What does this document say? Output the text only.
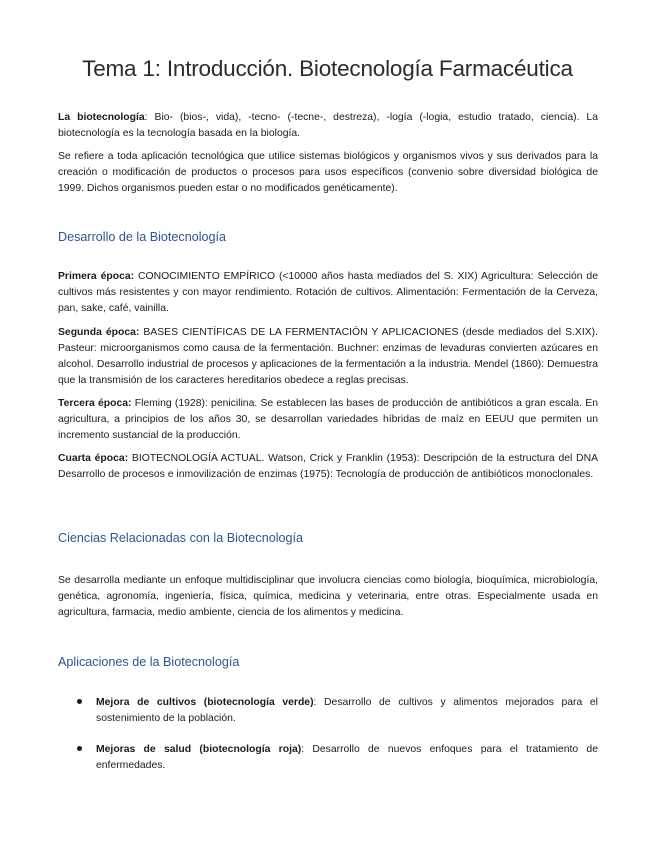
Tema 1: Introducción. Biotecnología Farmacéutica

La biotecnología: Bio- (bios-, vida), -tecno- (-tecne-, destreza), -logía (-logia, estudio tratado, ciencia). La biotecnología es la tecnología basada en la biología.

Se refiere a toda aplicación tecnológica que utilice sistemas biológicos y organismos vivos y sus derivados para la creación o modificación de productos o procesos para usos específicos (convenio sobre diversidad biológica de 1999. Dichos organismos pueden estar o no modificados genéticamente).

Desarrollo de la Biotecnología

Primera época: CONOCIMIENTO EMPÍRICO (<10000 años hasta mediados del S. XIX) Agricultura: Selección de cultivos más resistentes y con mayor rendimiento. Rotación de cultivos. Alimentación: Fermentación de la Cerveza, pan, sake, café, vainilla.

Segunda época: BASES CIENTÍFICAS DE LA FERMENTACIÓN Y APLICACIONES (desde mediados del S.XIX). Pasteur: microorganismos como causa de la fermentación. Buchner: enzimas de levaduras convierten azúcares en alcohol. Desarrollo industrial de procesos y aplicaciones de la fermentación a la industria. Mendel (1860): Demuestra que la transmisión de los caracteres hereditarios obedece a reglas precisas.

Tercera época: Fleming (1928): penicilina. Se establecen las bases de producción de antibióticos a gran escala. En agricultura, a principios de los años 30, se desarrollan variedades híbridas de maíz en EEUU que permiten un incremento sustancial de la producción.

Cuarta época: BIOTECNOLOGÍA ACTUAL. Watson, Crick y Franklin (1953): Descripción de la estructura del DNA Desarrollo de procesos e inmovilización de enzimas (1975): Tecnología de producción de antibióticos monoclonales.

Ciencias Relacionadas con la Biotecnología

Se desarrolla mediante un enfoque multidisciplinar que involucra ciencias como biología, bioquímica, microbiología, genética, agronomía, ingeniería, física, química, medicina y veterinaria, entre otras. Especialmente usada en agricultura, farmacia, medio ambiente, ciencia de los alimentos y medicina.

Aplicaciones de la Biotecnología

Mejora de cultivos (biotecnología verde): Desarrollo de cultivos y alimentos mejorados para el sostenimiento de la población.

Mejoras de salud (biotecnología roja): Desarrollo de nuevos enfoques para el tratamiento de enfermedades.
